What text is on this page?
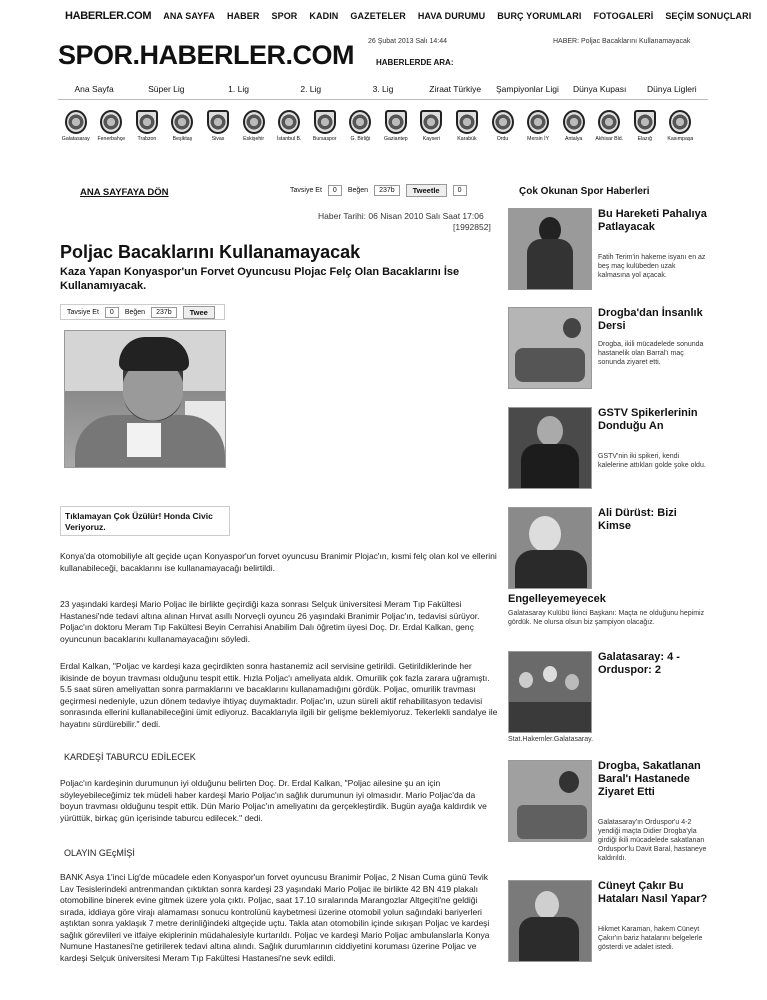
HABERLER.COM ANA SAYFA HABER SPOR KADIN GAZETELER HAVA DURUMU BURÇ YORUMLARI FOTOGALERİ SEÇİM SONUÇLARI
SPOR.HABERLER.COM 26 Şubat 2013 Salı 14:44
HABERLERDE ARA:
HABER: Poljac Bacaklarını Kullanamayacak
Ana Sayfa	Süper Lig	1. Lig	2. Lig	3. Lig	Ziraat Türkiye	Şampiyonlar Ligi	Dünya Kupası	Dünya Ligleri
Galatasaray	Fenerbahçe	Trabzon	Beşiktaş	Sivas	Eskişehir	İstanbul B.	Bursaspor	G. Birliği	Gaziantep	Kayseri	Karabük	Ordu	Mersin İY	Antalya	Akhisar Bld.	Elazığ	Kasımpaşa
ANA SAYFAYA DÖN	Tavsiye Et	0	Beğen	237b	Tweetle	0
Haber Tarihi: 06 Nisan 2010 Salı Saat 17:06
[1992852]
Poljac Bacaklarını Kullanamayacak
Kaza Yapan Konyaspor'un Forvet Oyuncusu Plojac Felç Olan Bacaklarını İse Kullanamıyacak.
Tavsiye Et	0	Beğen	237b	Twee
Tıklamayan Çok Üzülür! Honda Civic Veriyoruz.
Konya'da otomobiliyle alt geçide uçan Konyaspor'un forvet oyuncusu Branimir Plojac'ın, kısmi felç olan kol ve ellerini kullanabileceği, bacaklarını ise kullanamayacağı belirtildi.
23 yaşındaki kardeşi Mario Poljac ile birlikte geçirdiği kaza sonrası Selçuk üniversitesi Meram Tıp Fakültesi Hastanesi'nde tedavi altına alınan Hırvat asıllı Norveçli oyuncu 26 yaşındaki Branimir Poljac'ın, tedavisi sürüyor. Poljac'ın doktoru Meram Tıp Fakültesi Beyin Cerrahisi Anabilim Dalı öğretim üyesi Doç. Dr. Erdal Kalkan, genç oyuncunun bacaklarını kullanamayacağını söyledi.
Erdal Kalkan, "Poljac ve kardeşi kaza geçirdikten sonra hastanemiz acil servisine getirildi. Getirildiklerinde her ikisinde de boyun travması olduğunu tespit ettik. Hızla Poljac'ı ameliyata aldık. Omurilik çok fazla zarara uğramıştı. 5.5 saat süren ameliyattan sonra parmaklarını ve bacaklarını kullanamadığını gördük. Poljac, omurilik travması geçirmesi nedeniyle, uzun dönem tedaviye ihtiyaç duymaktadır. Poljac'ın, uzun süreli aktif rehabilitasyon tedavisi sonrasında ellerini kullanabileceğini ümit ediyoruz. Bacaklarıyla ilgili bir gelişme beklemiyoruz. Tekerlekli sandalye ile hayatını sürdürebilir." dedi.
KARDEŞİ TABURCU EDİLECEK
Poljac'ın kardeşinin durumunun iyi olduğunu belirten Doç. Dr. Erdal Kalkan, "Poljac ailesine şu an için söyleyebileceğimiz tek müdeli haber kardeşi Mario Poljac'ın sağlık durumunun iyi olmasıdır. Mario Poljac'da da boyun travması olduğunu tespit ettik. Dün Mario Poljac'ın ameliyatını da gerçekleştirdik. Bugün ayağa kaldırdık ve yürüttük, birkaç gün içerisinde taburcu edilecek." dedi.
OLAYIN GEçMİŞİ
BANK Asya 1'inci Lig'de mücadele eden Konyaspor'un forvet oyuncusu Branimir Poljac, 2 Nisan Cuma günü Tevik Lav Tesislerindeki antrenmandan çıktıktan sonra kardeşi 23 yaşındaki Mario Poljac ile birlikte 42 BN 419 plakalı otomobiline binerek evine gitmek üzere yola çıktı. Poljac, saat 17.10 sıralarında Marangozlar Altgeçiti'ne geldiği sırada, iddiaya göre virajı alamaması sonucu kontrolünü kaybetmesi üzerine otomobil yolun sağındaki bariyerleri aştıktan sonra yaklaşık 7 metre derinliğindeki altgeçide uçtu. Takla atan otomobilin içinde sıkışan Poljac ve kardeşi sağlık görevlileri ve itfaiye ekiplerinin müdahalesiyle kurtarıldı. Poljac ve kardeşi Mario Poljac ambulanslarla Konya Numune Hastanesi'ne getirilerek tedavi altına alındı. Sağlık durumlarının ciddiyetini koruması üzerine Poljac ve kardeşi Selçuk üniversitesi Meram Tıp Fakültesi Hastanesi'ne sevk edildi.
Çok Okunan Spor Haberleri
Bu Hareketi Pahalıya Patlayacak
Fatih Terim'in hakeme isyanı en az beş maç kulübeden uzak kalmasına yol açacak.
Drogba'dan İnsanlık Dersi
Drogba, ikili mücadelede sonunda hastanelik olan Barral'ı maç sonunda ziyaret etti.
GSTV Spikerlerinin Donduğu An
GSTV'nin iki spikeri, kendi kalelerine attıkları golde şoke oldu.
Ali Dürüst: Bizi Kimse
Engelleyemeyecek
Galatasaray Kulübü İkinci Başkanı: Maçta ne olduğunu hepimiz gördük. Ne olursa olsun biz şampiyon olacağız.
Galatasaray: 4 - Orduspor: 2
Stat.Hakemler.Galatasaray.
Drogba, Sakatlanan Baral'ı Hastanede Ziyaret Etti
Galatasaray'ın Orduspor'u 4-2 yendiği maçta Didier Drogba'yla girdiği ikili mücadelede sakatlanan Orduspor'lu Davit Baral, hastaneye kaldırıldı.
Cüneyt Çakır Bu Hataları Nasıl Yapar?
Hikmet Karaman, hakem Cüneyt Çakır'ın bariz hatalarını belgelerle gösterdi ve adalet istedi.
